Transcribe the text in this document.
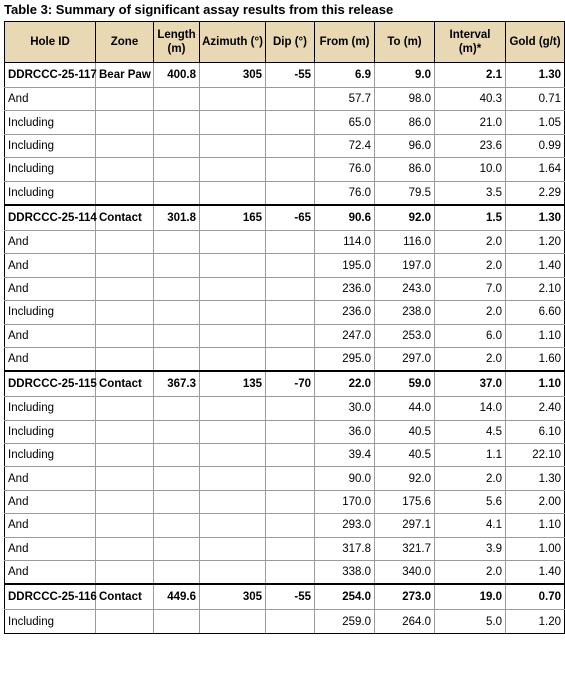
Table 3: Summary of significant assay results from this release
Hole ID	Zone	Length (m)	Azimuth (°)	Dip (°)	From (m)	To (m)	Interval (m)*	Gold (g/t)
DDRCCC-25-117	Bear Paw	400.8	305	-55	6.9	9.0	2.1	1.30
And					57.7	98.0	40.3	0.71
Including					65.0	86.0	21.0	1.05
Including					72.4	96.0	23.6	0.99
Including					76.0	86.0	10.0	1.64
Including					76.0	79.5	3.5	2.29
DDRCCC-25-114	Contact	301.8	165	-65	90.6	92.0	1.5	1.30
And					114.0	116.0	2.0	1.20
And					195.0	197.0	2.0	1.40
And					236.0	243.0	7.0	2.10
Including					236.0	238.0	2.0	6.60
And					247.0	253.0	6.0	1.10
And					295.0	297.0	2.0	1.60
DDRCCC-25-115	Contact	367.3	135	-70	22.0	59.0	37.0	1.10
Including					30.0	44.0	14.0	2.40
Including					36.0	40.5	4.5	6.10
Including					39.4	40.5	1.1	22.10
And					90.0	92.0	2.0	1.30
And					170.0	175.6	5.6	2.00
And					293.0	297.1	4.1	1.10
And					317.8	321.7	3.9	1.00
And					338.0	340.0	2.0	1.40
DDRCCC-25-116	Contact	449.6	305	-55	254.0	273.0	19.0	0.70
Including					259.0	264.0	5.0	1.20
